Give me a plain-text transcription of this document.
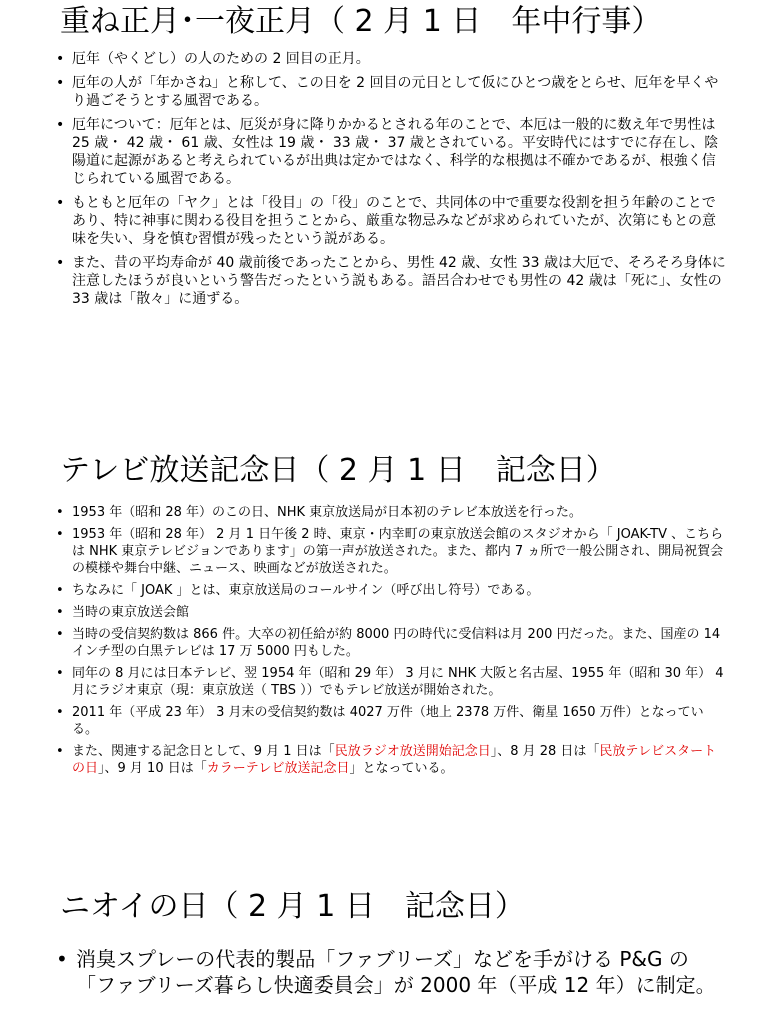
重ね正月･一夜正月（ 2 月 1 日　年中行事）
• 厄年（やくどし）の人のための 2 回目の正月。
• 厄年の人が「年かさね」と称して、この日を 2 回目の元日として仮にひとつ歳をとらせ、厄年を早くやり過ごそうとする風習である。
• 厄年について：厄年とは、厄災が身に降りかかるとされる年のことで、本厄は一般的に数え年で男性は 25 歳・ 42 歳・ 61 歳、女性は 19 歳・ 33 歳・ 37 歳とされている。平安時代にはすでに存在し、陰陽道に起源があると考えられているが出典は定かではなく、科学的な根拠は不確かであるが、根強く信じられている風習である。
• もともと厄年の「ヤク」とは「役目」の「役」のことで、共同体の中で重要な役割を担う年齢のことであり、特に神事に関わる役目を担うことから、厳重な物忌みなどが求められていたが、次第にもとの意味を失い、身を慎む習慣が残ったという説がある。
• また、昔の平均寿命が 40 歳前後であったことから、男性 42 歳、女性 33 歳は大厄で、そろそろ身体に注意したほうが良いという警告だったという説もある。語呂合わせでも男性の 42 歳は「死に」、女性の 33 歳は「散々」に通ずる。
テレビ放送記念日（ 2 月 1 日　記念日）
• 1953 年（昭和 28 年）のこの日、NHK 東京放送局が日本初のテレビ本放送を行った。
• 1953 年（昭和 28 年） 2 月 1 日午後 2 時、東京・内幸町の東京放送会館のスタジオから「 JOAK-TV 、こちらは NHK 東京テレビジョンであります」の第一声が放送された。また、都内 7 ヵ所で一般公開され、開局祝賀会の模様や舞台中継、ニュース、映画などが放送された。
• ちなみに「 JOAK 」とは、東京放送局のコールサイン（呼び出し符号）である。
• 当時の東京放送会館
• 当時の受信契約数は 866 件。大卒の初任給が約 8000 円の時代に受信料は月 200 円だった。また、国産の 14 インチ型の白黒テレビは 17 万 5000 円もした。
• 同年の 8 月には日本テレビ、翌 1954 年（昭和 29 年） 3 月に NHK 大阪と名古屋、1955 年（昭和 30 年） 4 月にラジオ東京（現：東京放送（ TBS ））でもテレビ放送が開始された。
• 2011 年（平成 23 年） 3 月末の受信契約数は 4027 万件（地上 2378 万件、衛星 1650 万件）となっている。
• また、関連する記念日として、9 月 1 日は「民放ラジオ放送開始記念日」、8 月 28 日は「民放テレビスタートの日」、9 月 10 日は「カラーテレビ放送記念日」となっている。
ニオイの日（ 2 月 1 日　記念日）
• 消臭スプレーの代表的製品「ファブリーズ」などを手がける P&G の「ファブリーズ暮らし快適委員会」が 2000 年（平成 12 年）に制定。
